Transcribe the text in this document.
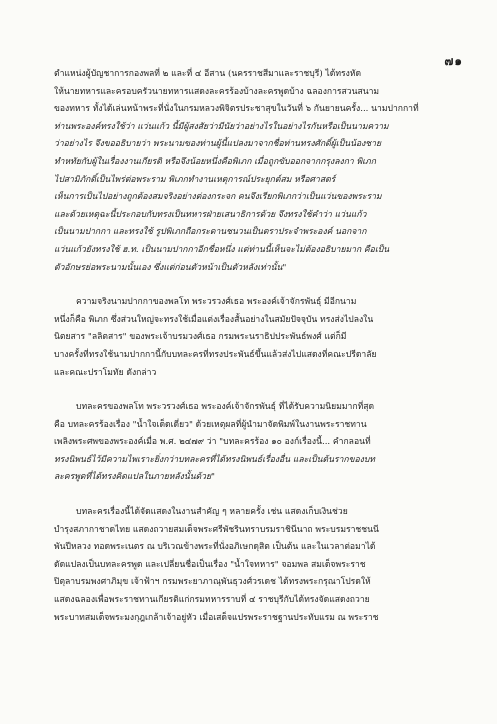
๗๑
ตำแหน่งผู้บัญชาการกองพลที่ ๒ และที่ ๔ อีสาน (นครราชสีมาและราชบุรี) ได้ทรงหัด
ให้นายทหารและครอบครัวนายทหารแสดงละครร้องบ้างละครพูดบ้าง ฉลองการสวนสนาม
ของทหาร ทั้งได้เล่นหน้าพระที่นั่งในกรมหลวงพิจิตรประชาสุขในวันที่ ๖ กันยายนครั้ง... นามปากกาที่
ท่านพระองค์ทรงใช้ว่า แว่นแก้ว นี้มีผู้สงสัยว่ามีนัยว่าอย่างไรในอย่างไรกันหรือเป็นนามความ
ว่าอย่างไร จึงขออธิบายว่า พระนามของท่านผู้นี้แปลงมาจากชื่อท่านทรงศักดิ์ผู้เป็นน้องชาย
ทำหทัยกับผู้ในเรื่องงานเกียรติ หรือจึงน้อยหนึ่งคือพิเภก เมื่อถูกขับออกจากกรุงลงกา พิเภก
ไปสามิภักดิ์เป็นไพร่ต่อพระราม พิเภกทำงานเหตุการณ์ประยุกต์สม หรือศาสตร์
เห็นการเป็นไปอย่างถูกต้องสมจริงอย่างต่องกระจก คนจึงเรียกพิเภกว่าเป็นแว่นของพระราม
และด้วยเหตุฉะนี้ประกอบกับทรงเป็นทหารฝ่ายเสนาธิการด้วย จึงทรงใช้คำว่า แว่นแก้ว
เป็นนามปากกา และทรงใช้ รูปพิเภกถือกระดานชนวนเป็นตราประจำพระองค์ นอกจาก
แว่นแก้วยังทรงใช้ ฮ.ท. เป็นนามปากกาอีกชื่อหนึ่ง แต่ท่านนี้เห็นจะไม่ต้องอธิบายมาก คือเป็น
ตัวอักษรย่อพระนามนั้นเอง ซึ่งแต่ก่อนตัวหน้าเป็นตัวหลังเท่านั้น"
ความจริงนามปากกาของพลโท พระวรวงศ์เธอ พระองค์เจ้าจักรพันธุ์ มีอีกนาม
หนึ่งก็คือ พิเภก ซึ่งส่วนใหญ่จะทรงใช้เมื่อแต่งเรื่องสั้นอย่างในสมัยปัจจุบัน ทรงส่งไปลงใน
นิตยสาร "ลลิตสาร" ของพระเจ้าบรมวงศ์เธอ กรมพระนราธิปประพันธ์พงศ์ แต่ก็มี
บางครั้งที่ทรงใช้นามปากกานี้กับบทละครที่ทรงประพันธ์ขึ้นแล้วส่งไปแสดงที่คณะปรีดาลัย
และคณะปราโมทัย ดังกล่าว
บทละครของพลโท พระวรวงศ์เธอ พระองค์เจ้าจักรพันธุ์ ที่ได้รับความนิยมมากที่สุด
คือ บทละครร้องเรื่อง "น้ำใจเด็ดเดี่ยว" ด้วยเหตุผลที่ผู้นำมาจัดพิมพ์ในงานพระราชทาน
เพลิงพระศพของพระองค์เมื่อ พ.ศ. ๒๔๗๙ ว่า "บทละครร้อง ๑๐ องก์เรื่องนี้... คำกลอนที่
ทรงนิพนธ์ไว้มีความไพเราะยิ่งกว่าบทละครที่ได้ทรงนิพนธ์เรื่องอื่น และเป็นต้นรากของบท
ละครพูดที่ได้ทรงคิดแปลในภายหลังนั้นด้วย"
บทละครเรื่องนี้ได้จัดแสดงในงานสำคัญ ๆ หลายครั้ง เช่น แสดงเก็บเงินช่วย
บำรุงสภากาชาดไทย แสดงถวายสมเด็จพระศรีพัชรินทราบรมราชินีนาถ พระบรมราชชนนี
พันปีหลวง ทอดพระเนตร ณ บริเวณข้างพระที่นั่งอภิเษกดุสิต เป็นต้น และในเวลาต่อมาได้
ดัดแปลงเป็นบทละครพูด และเปลี่ยนชื่อเป็นเรื่อง "น้ำใจทหาร" จอมพล สมเด็จพระราช
ปิตุลาบรมพงศาภิมุข เจ้าฟ้าฯ กรมพระยาภาณุพันธุวงศ์วรเดช ได้ทรงพระกรุณาโปรดให้
แสดงฉลองเพื่อพระราชทานเกียรติแก่กรมทหารราบที่ ๔ ราชบุรีกับได้ทรงจัดแสดงถวาย
พระบาทสมเด็จพระมงกุฎเกล้าเจ้าอยู่หัว เมื่อเสด็จแปรพระราชฐานประทับแรม ณ พระราช
